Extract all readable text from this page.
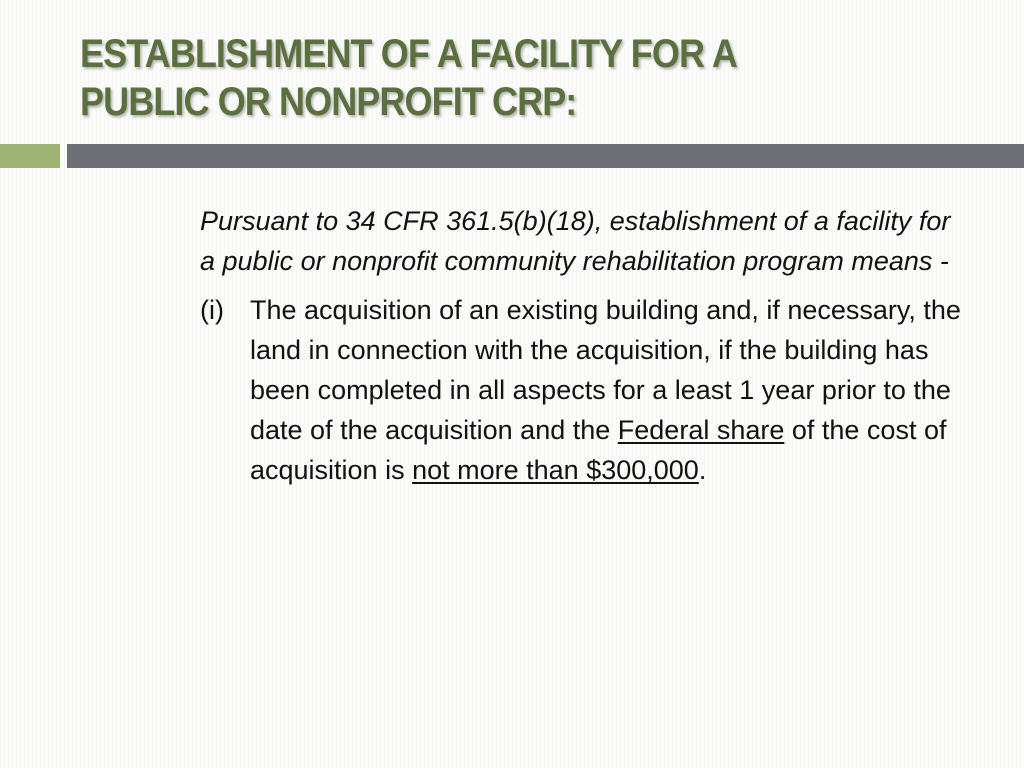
ESTABLISHMENT OF A FACILITY FOR A
PUBLIC OR NONPROFIT CRP:

Pursuant to 34 CFR 361.5(b)(18), establishment of a facility for a public or nonprofit community rehabilitation program means -

(i) The acquisition of an existing building and, if necessary, the land in connection with the acquisition, if the building has been completed in all aspects for a least 1 year prior to the date of the acquisition and the Federal share of the cost of acquisition is not more than $300,000.
